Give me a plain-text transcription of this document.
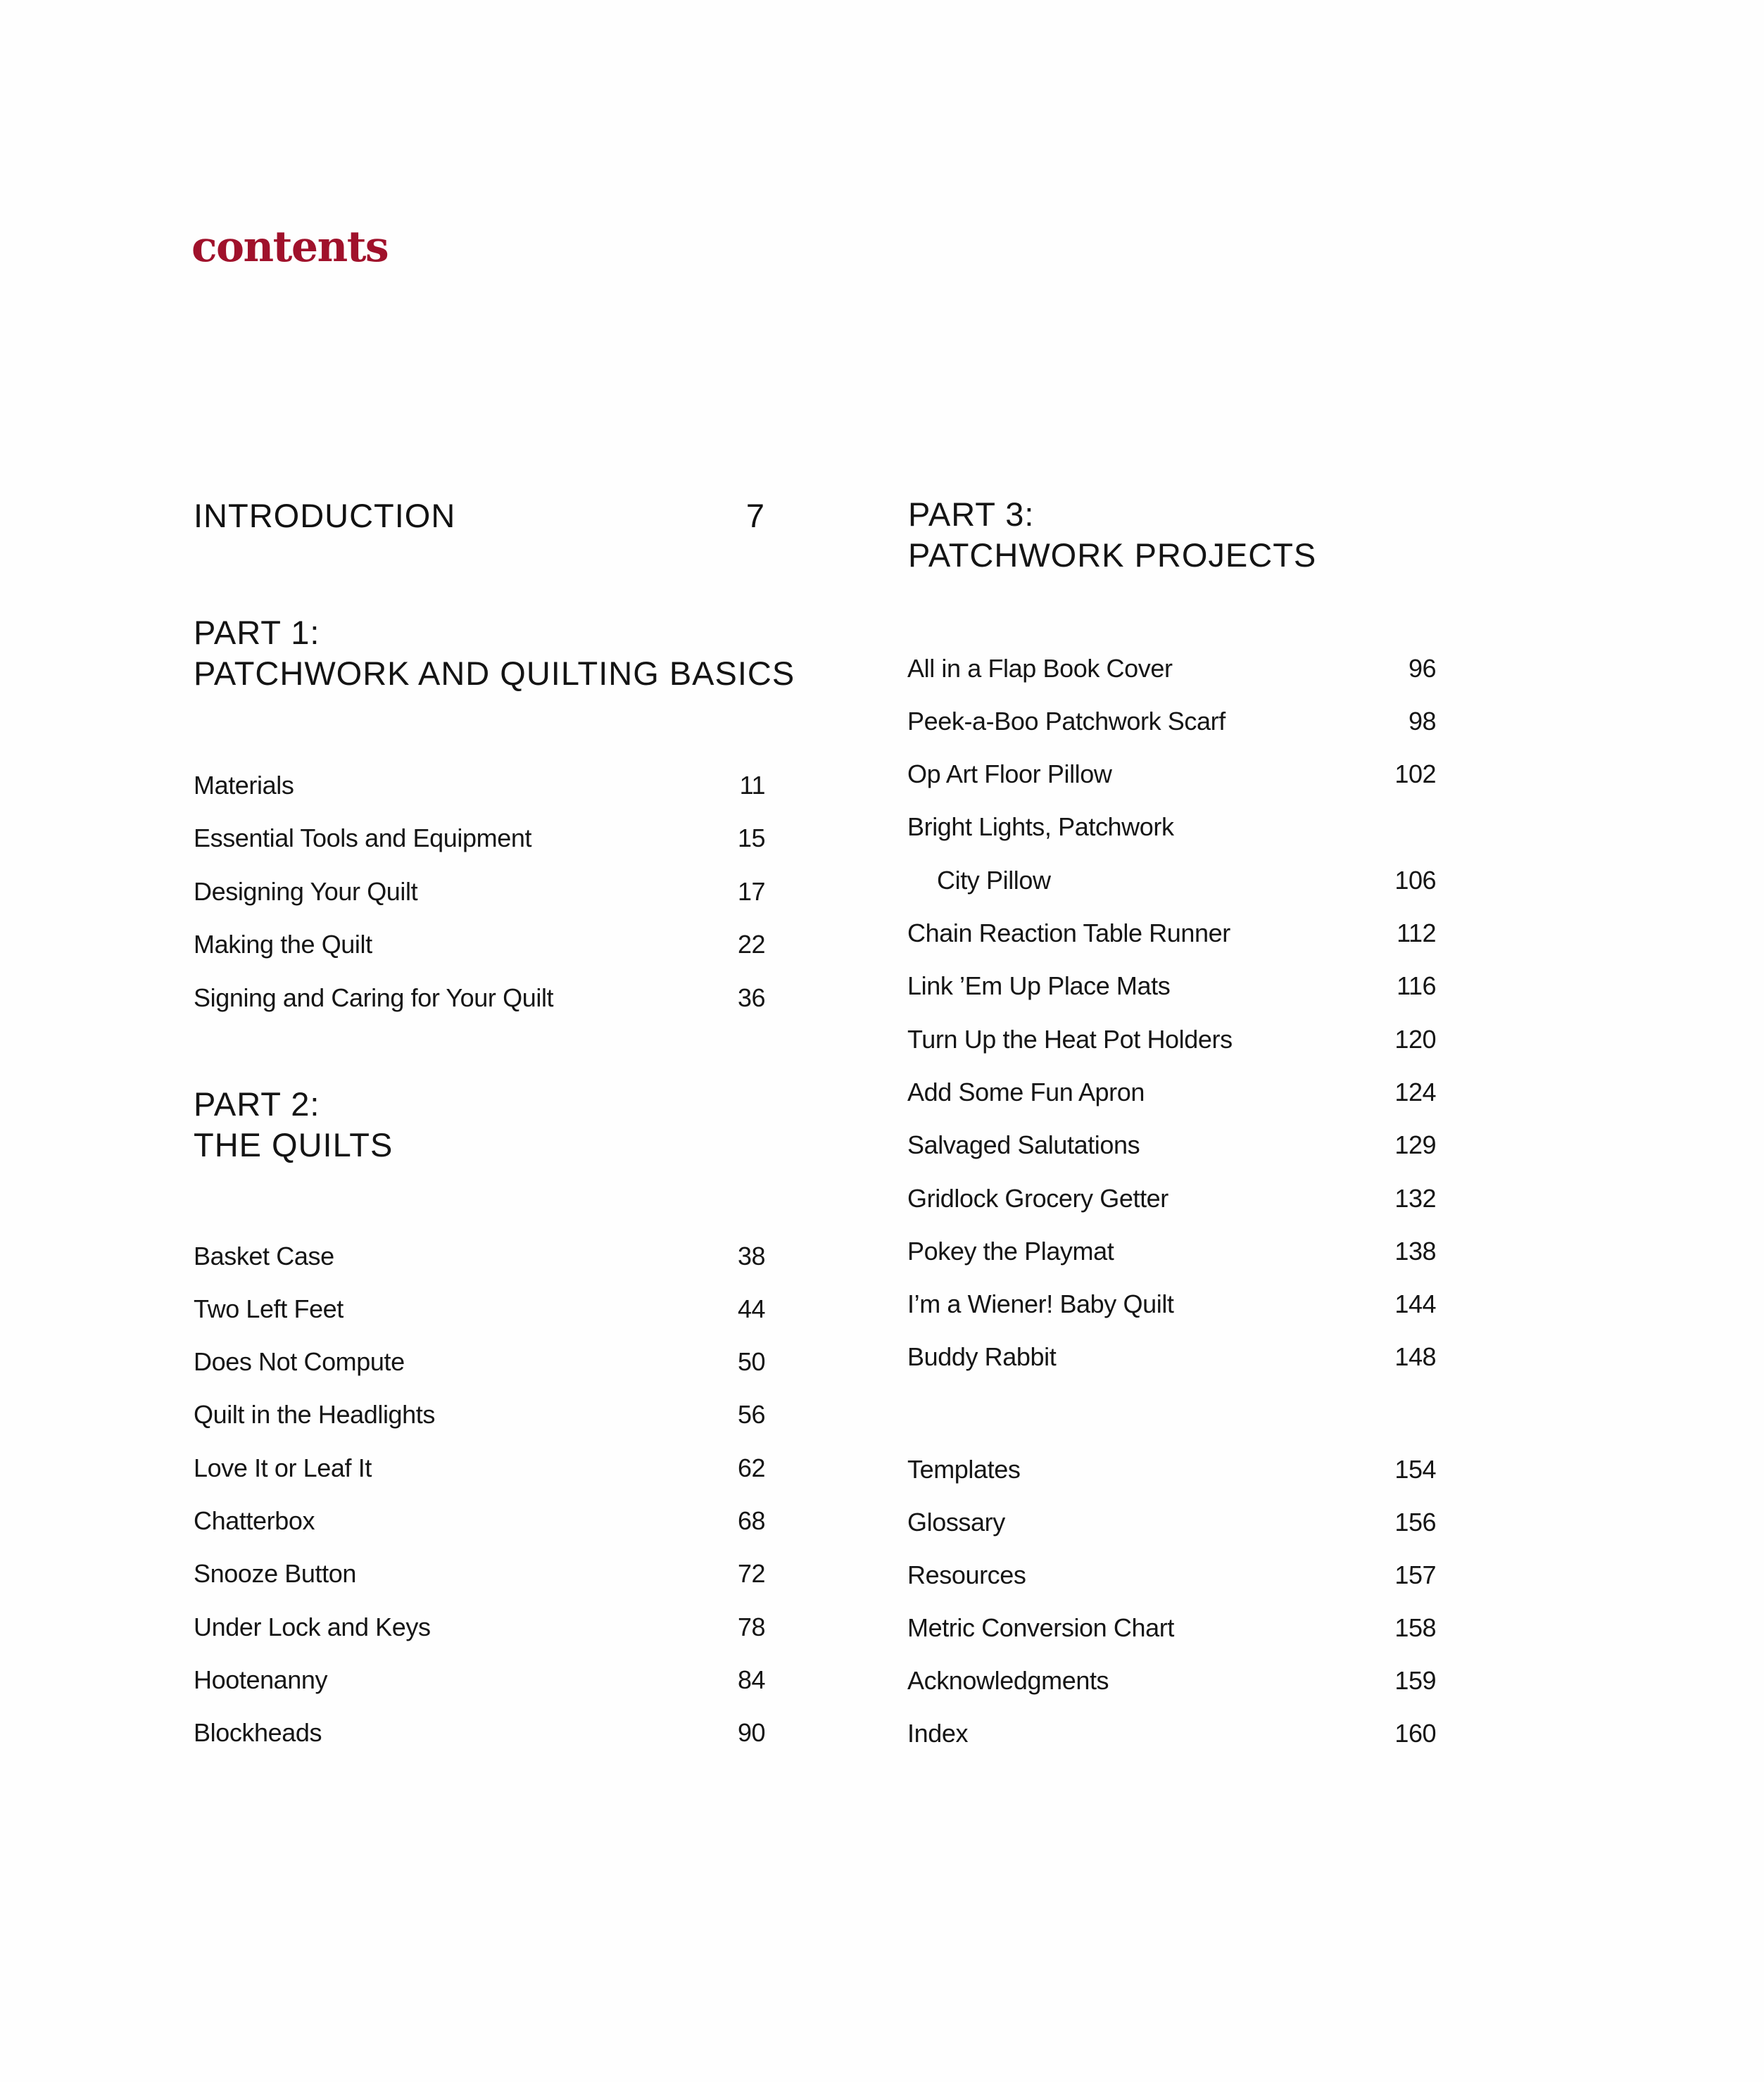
contents
INTRODUCTION	7
PART 1:
PATCHWORK AND QUILTING BASICS
Materials	11
Essential Tools and Equipment	15
Designing Your Quilt	17
Making the Quilt	22
Signing and Caring for Your Quilt	36
PART 2:
THE QUILTS
Basket Case	38
Two Left Feet	44
Does Not Compute	50
Quilt in the Headlights	56
Love It or Leaf It	62
Chatterbox	68
Snooze Button	72
Under Lock and Keys	78
Hootenanny	84
Blockheads	90
PART 3:
PATCHWORK PROJECTS
All in a Flap Book Cover	96
Peek-a-Boo Patchwork Scarf	98
Op Art Floor Pillow	102
Bright Lights, Patchwork
City Pillow	106
Chain Reaction Table Runner	112
Link ’Em Up Place Mats	116
Turn Up the Heat Pot Holders	120
Add Some Fun Apron	124
Salvaged Salutations	129
Gridlock Grocery Getter	132
Pokey the Playmat	138
I’m a Wiener! Baby Quilt	144
Buddy Rabbit	148
Templates	154
Glossary	156
Resources	157
Metric Conversion Chart	158
Acknowledgments	159
Index	160
